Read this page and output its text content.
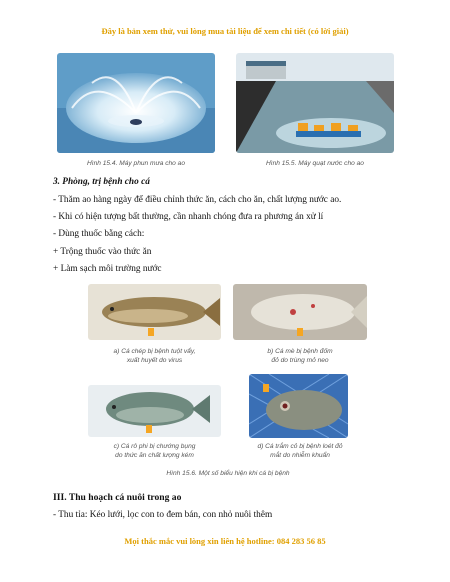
Đây là bản xem thử, vui lòng mua tài liệu để xem chi tiết (có lời giải)
Hình 15.4. Máy phun mưa cho ao	Hình 15.5. Máy quạt nước cho ao
3. Phòng, trị bệnh cho cá
- Thăm ao hàng ngày để điều chỉnh thức ăn, cách cho ăn, chất lượng nước ao.
- Khi có hiện tượng bất thường, cần nhanh chóng đưa ra phương án xử lí
- Dùng thuốc bằng cách:
+ Trộng thuốc vào thức ăn
+ Làm sạch môi trường nước
a) Cá chép bị bệnh tuột vẩy,
xuất huyết do virus
b) Cá mè bị bệnh đốm
đỏ do trùng mỏ neo
c) Cá rô phi bị chướng bụng
do thức ăn chất lượng kém
d) Cá trắm cỏ bị bệnh loét đỏ
mắt do nhiễm khuẩn
Hình 15.6. Một số biểu hiện khi cá bị bệnh
III. Thu hoạch cá nuôi trong ao
- Thu tỉa: Kéo lưới, lọc con to đem bán, con nhỏ nuôi thêm
Mọi thắc mắc vui lòng xin liên hệ hotline: 084 283 56 85
